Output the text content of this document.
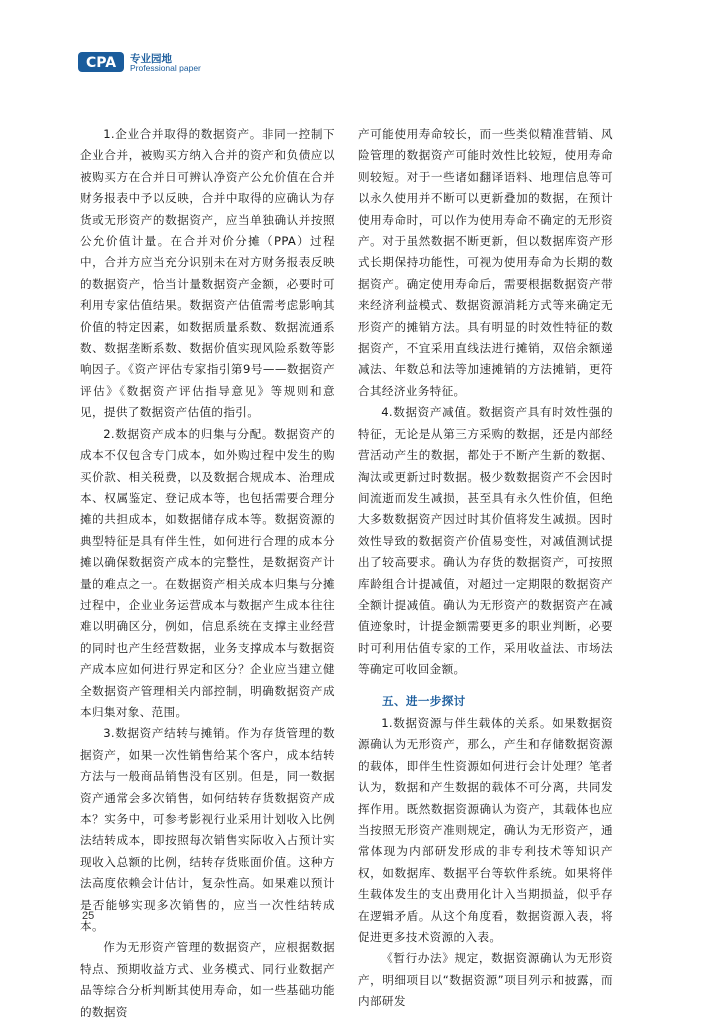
CPA 专业园地
Professional paper

1.企业合并取得的数据资产。非同一控制下企业合并，被购买方纳入合并的资产和负债应以被购买方在合并日可辨认净资产公允价值在合并财务报表中予以反映，合并中取得的应确认为存货或无形资产的数据资产，应当单独确认并按照公允价值计量。在合并对价分摊（PPA）过程中，合并方应当充分识别未在对方财务报表反映的数据资产，恰当计量数据资产金额，必要时可利用专家估值结果。数据资产估值需考虑影响其价值的特定因素，如数据质量系数、数据流通系数、数据垄断系数、数据价值实现风险系数等影响因子。《资产评估专家指引第9号——数据资产评估》《数据资产评估指导意见》等规则和意见，提供了数据资产估值的指引。

2.数据资产成本的归集与分配。数据资产的成本不仅包含专门成本，如外购过程中发生的购买价款、相关税费，以及数据合规成本、治理成本、权属鉴定、登记成本等，也包括需要合理分摊的共担成本，如数据储存成本等。数据资源的典型特征是具有伴生性，如何进行合理的成本分摊以确保数据资产成本的完整性，是数据资产计量的难点之一。在数据资产相关成本归集与分摊过程中，企业业务运营成本与数据产生成本往往难以明确区分，例如，信息系统在支撑主业经营的同时也产生经营数据，业务支撑成本与数据资产成本应如何进行界定和区分？企业应当建立健全数据资产管理相关内部控制，明确数据资产成本归集对象、范围。

3.数据资产结转与摊销。作为存货管理的数据资产，如果一次性销售给某个客户，成本结转方法与一般商品销售没有区别。但是，同一数据资产通常会多次销售，如何结转存货数据资产成本？实务中，可参考影视行业采用计划收入比例法结转成本，即按照每次销售实际收入占预计实现收入总额的比例，结转存货账面价值。这种方法高度依赖会计估计，复杂性高。如果难以预计是否能够实现多次销售的，应当一次性结转成本。

作为无形资产管理的数据资产，应根据数据特点、预期收益方式、业务模式、同行业数据产品等综合分析判断其使用寿命，如一些基础功能的数据资

产可能使用寿命较长，而一些类似精准营销、风险管理的数据资产可能时效性比较短，使用寿命则较短。对于一些诸如翻译语料、地理信息等可以永久使用并不断可以更新叠加的数据，在预计使用寿命时，可以作为使用寿命不确定的无形资产。对于虽然数据不断更新，但以数据库资产形式长期保持功能性，可视为使用寿命为长期的数据资产。确定使用寿命后，需要根据数据资产带来经济利益模式、数据资源消耗方式等来确定无形资产的摊销方法。具有明显的时效性特征的数据资产，不宜采用直线法进行摊销，双倍余额递减法、年数总和法等加速摊销的方法摊销，更符合其经济业务特征。

4.数据资产减值。数据资产具有时效性强的特征，无论是从第三方采购的数据，还是内部经营活动产生的数据，都处于不断产生新的数据、淘汰或更新过时数据。极少数数据资产不会因时间流逝而发生减损，甚至具有永久性价值，但绝大多数数据资产因过时其价值将发生减损。因时效性导致的数据资产价值易变性，对减值测试提出了较高要求。确认为存货的数据资产，可按照库龄组合计提减值，对超过一定期限的数据资产全额计提减值。确认为无形资产的数据资产在减值迹象时，计提金额需要更多的职业判断，必要时可利用估值专家的工作，采用收益法、市场法等确定可收回金额。

五、进一步探讨

1.数据资源与伴生载体的关系。如果数据资源确认为无形资产，那么，产生和存储数据资源的载体，即伴生性资源如何进行会计处理？笔者认为，数据和产生数据的载体不可分离，共同发挥作用。既然数据资源确认为资产，其载体也应当按照无形资产准则规定，确认为无形资产，通常体现为内部研发形成的非专利技术等知识产权，如数据库、数据平台等软件系统。如果将伴生载体发生的支出费用化计入当期损益，似乎存在逻辑矛盾。从这个角度看，数据资源入表，将促进更多技术资源的入表。

《暂行办法》规定，数据资源确认为无形资产，明细项目以“数据资源”项目列示和披露，而内部研发

25
